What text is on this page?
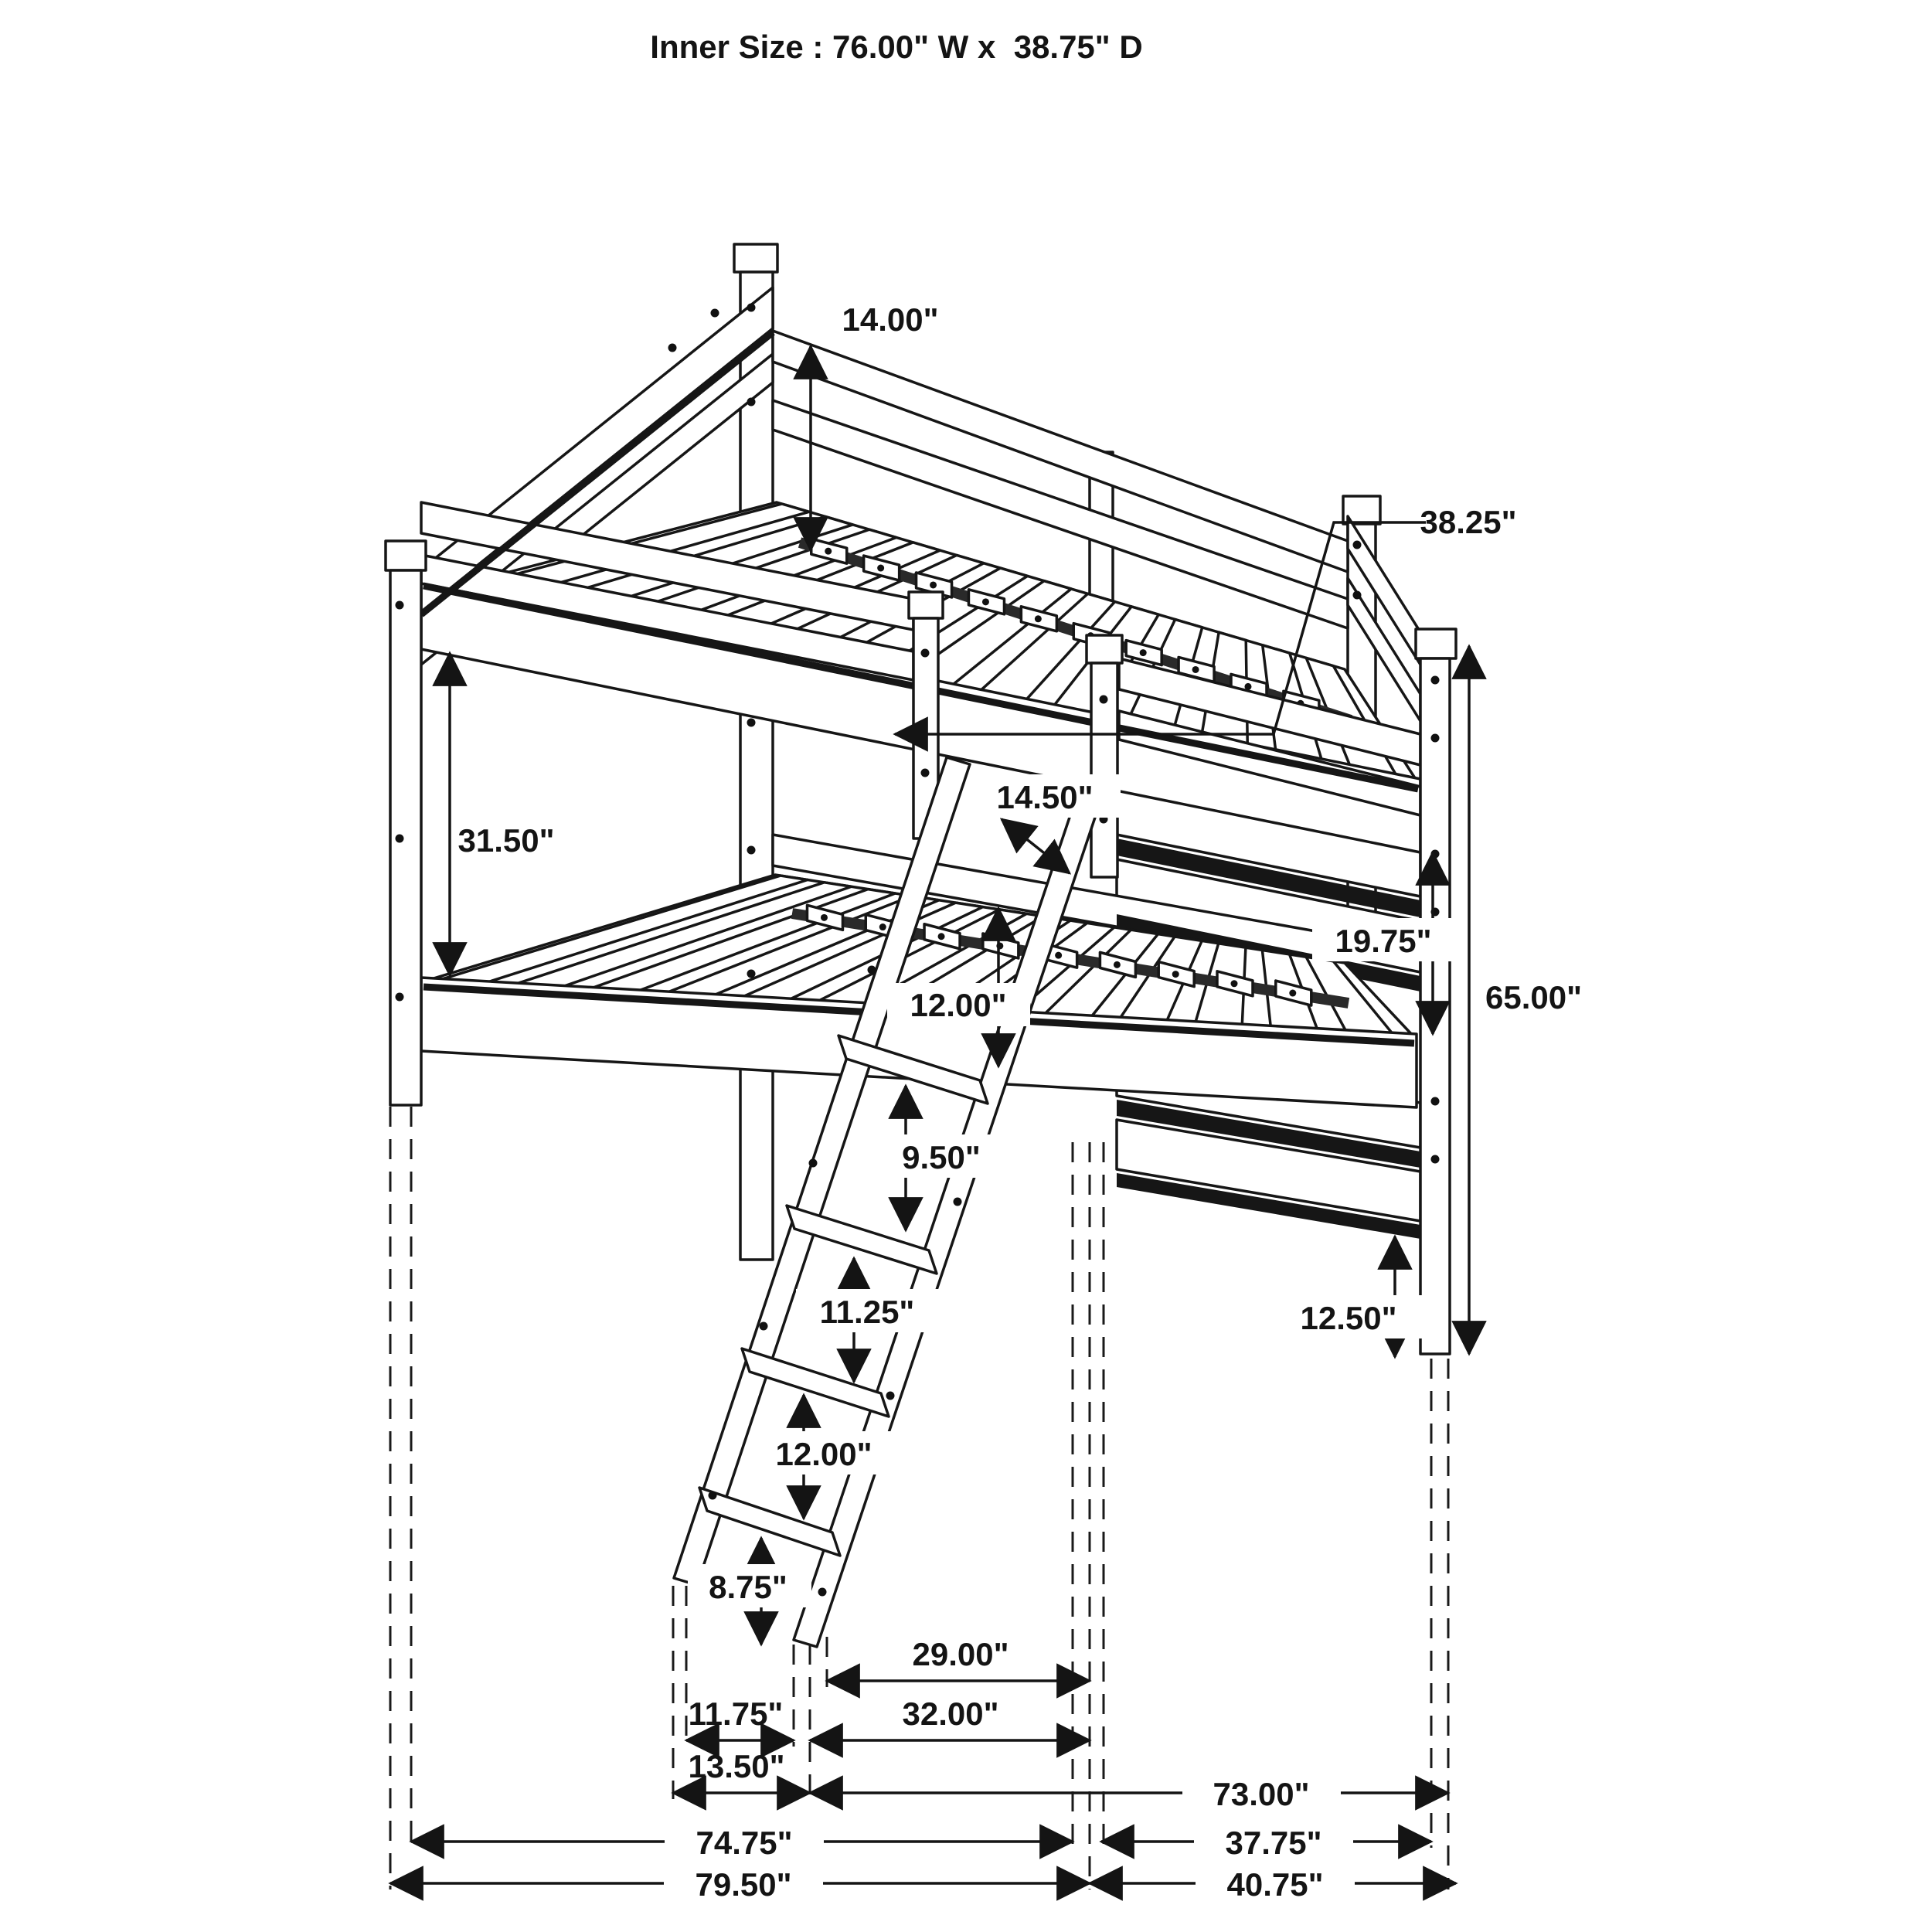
Inner Size : 76.00" W x  38.75" D
14.00"
38.25"
31.50"
14.50"
19.75"
65.00"
12.00"
9.50"
11.25"
12.00"
8.75"
12.50"
29.00"
11.75"	32.00"
13.50"
73.00"
74.75"	37.75"
79.50"	40.75"
